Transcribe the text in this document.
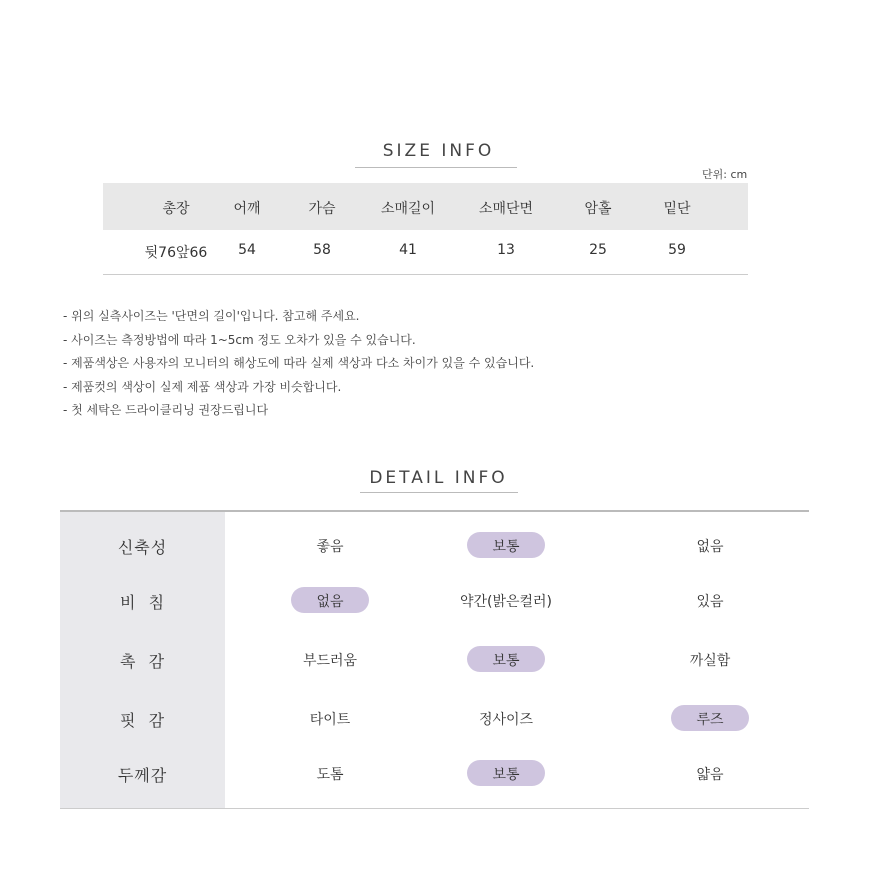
SIZE INFO
단위: cm
총장	어깨	가슴	소매길이	소매단면	암홀	밑단
뒷76앞66	54	58	41	13	25	59
- 위의 실측사이즈는 '단면의 길이'입니다. 참고해 주세요.
- 사이즈는 측정방법에 따라 1~5cm 정도 오차가 있을 수 있습니다.
- 제품색상은 사용자의 모니터의 해상도에 따라 실제 색상과 다소 차이가 있을 수 있습니다.
- 제품컷의 색상이 실제 제품 색상과 가장 비슷합니다.
- 첫 세탁은 드라이클리닝 권장드립니다
DETAIL INFO
신축성	좋음	보통	없음
비  침	없음	약간(밝은컬러)	있음
촉  감	부드러움	보통	까실함
핏  감	타이트	정사이즈	루즈
두께감	도톰	보통	얇음
